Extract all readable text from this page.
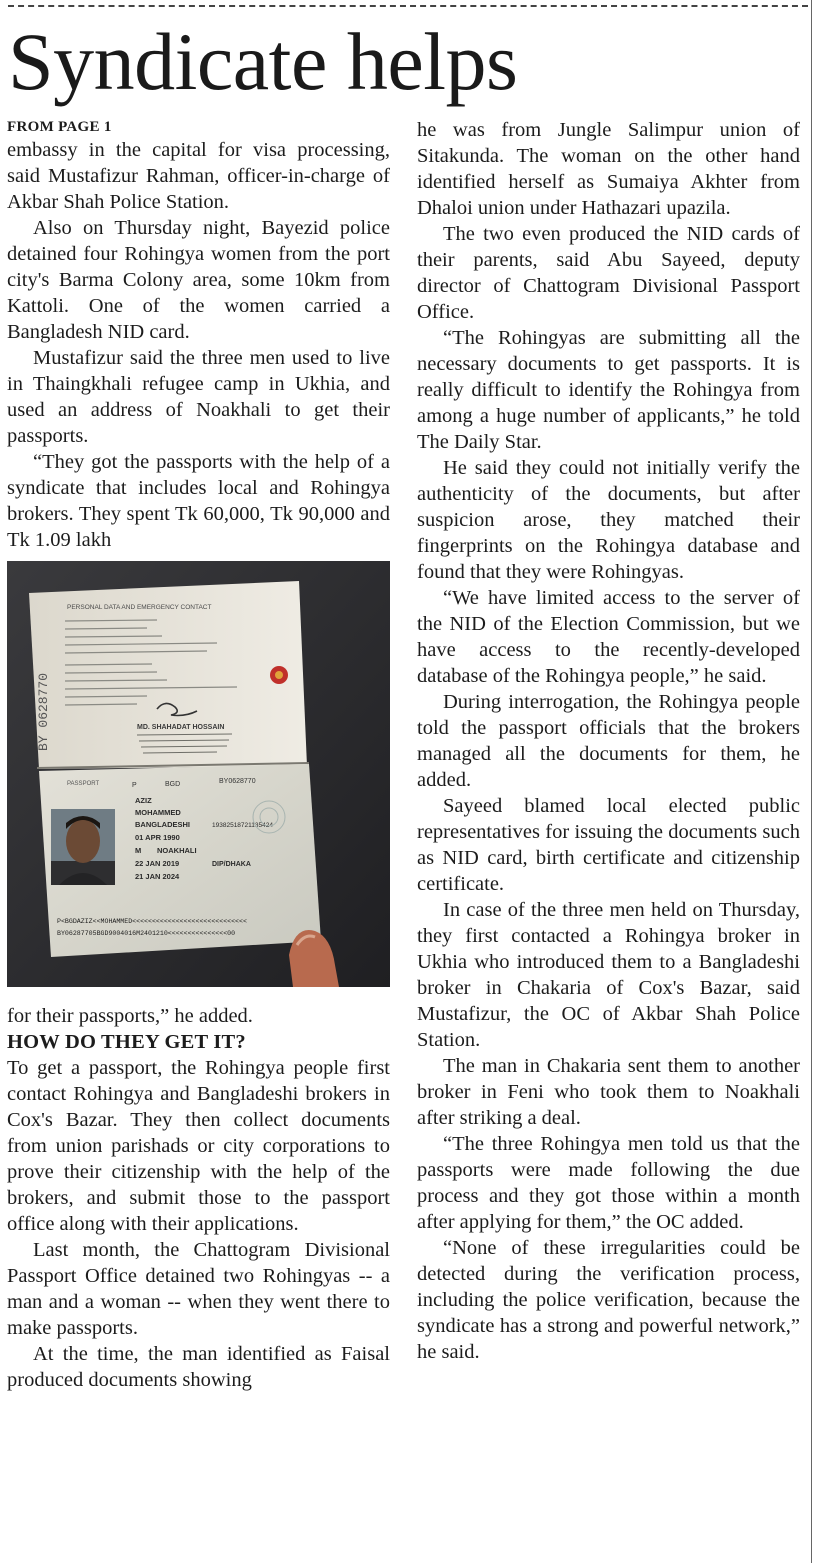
Syndicate helps
FROM PAGE 1

embassy in the capital for visa processing, said Mustafizur Rahman, officer-in-charge of Akbar Shah Police Station.

Also on Thursday night, Bayezid police detained four Rohingya women from the port city's Barma Colony area, some 10km from Kattoli. One of the women carried a Bangladesh NID card.

Mustafizur said the three men used to live in Thaingkhali refugee camp in Ukhia, and used an address of Noakhali to get their passports.

“They got the passports with the help of a syndicate that includes local and Rohingya brokers. They spent Tk 60,000, Tk 90,000 and Tk 1.09 lakh

PERSONAL DATA AND EMERGENCY CONTACT
BY 0628770	MD. SHAHADAT HOSSAIN
PASSPORT	P	BGD	BY0628770
AZIZ
MOHAMMED
BANGLADESHI	19382518721135424
01 APR 1990
M NOAKHALI
22 JAN 2019	DIP/DHAKA
21 JAN 2024
P<BGDAZIZ<<MOHAMMED<<<<<<<<<<<<<<<<<<<<<<<<<<<<<
BY06287705BGD9004016M2401210<<<<<<<<<<<<<<<00

for their passports,” he added.

HOW DO THEY GET IT?

To get a passport, the Rohingya people first contact Rohingya and Bangladeshi brokers in Cox's Bazar. They then collect documents from union parishads or city corporations to prove their citizenship with the help of the brokers, and submit those to the passport office along with their applications.

Last month, the Chattogram Divisional Passport Office detained two Rohingyas -- a man and a woman -- when they went there to make passports.

At the time, the man identified as Faisal produced documents showing

he was from Jungle Salimpur union of Sitakunda. The woman on the other hand identified herself as Sumaiya Akhter from Dhaloi union under Hathazari upazila.

The two even produced the NID cards of their parents, said Abu Sayeed, deputy director of Chattogram Divisional Passport Office.

“The Rohingyas are submitting all the necessary documents to get passports. It is really difficult to identify the Rohingya from among a huge number of applicants,” he told The Daily Star.

He said they could not initially verify the authenticity of the documents, but after suspicion arose, they matched their fingerprints on the Rohingya database and found that they were Rohingyas.

“We have limited access to the server of the NID of the Election Commission, but we have access to the recently-developed database of the Rohingya people,” he said.

During interrogation, the Rohingya people told the passport officials that the brokers managed all the documents for them, he added.

Sayeed blamed local elected public representatives for issuing the documents such as NID card, birth certificate and citizenship certificate.

In case of the three men held on Thursday, they first contacted a Rohingya broker in Ukhia who introduced them to a Bangladeshi broker in Chakaria of Cox's Bazar, said Mustafizur, the OC of Akbar Shah Police Station.

The man in Chakaria sent them to another broker in Feni who took them to Noakhali after striking a deal.

“The three Rohingya men told us that the passports were made following the due process and they got those within a month after applying for them,” the OC added.

“None of these irregularities could be detected during the verification process, including the police verification, because the syndicate has a strong and powerful network,” he said.
